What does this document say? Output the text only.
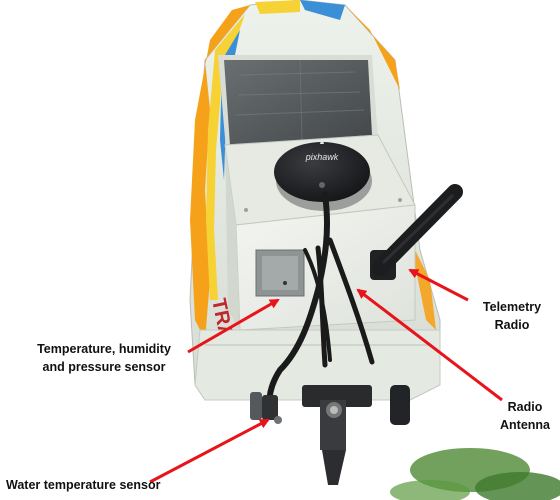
pixhawk
Temperature, humidity
and pressure sensor
Telemetry
Radio
Radio
Antenna
Water temperature sensor
